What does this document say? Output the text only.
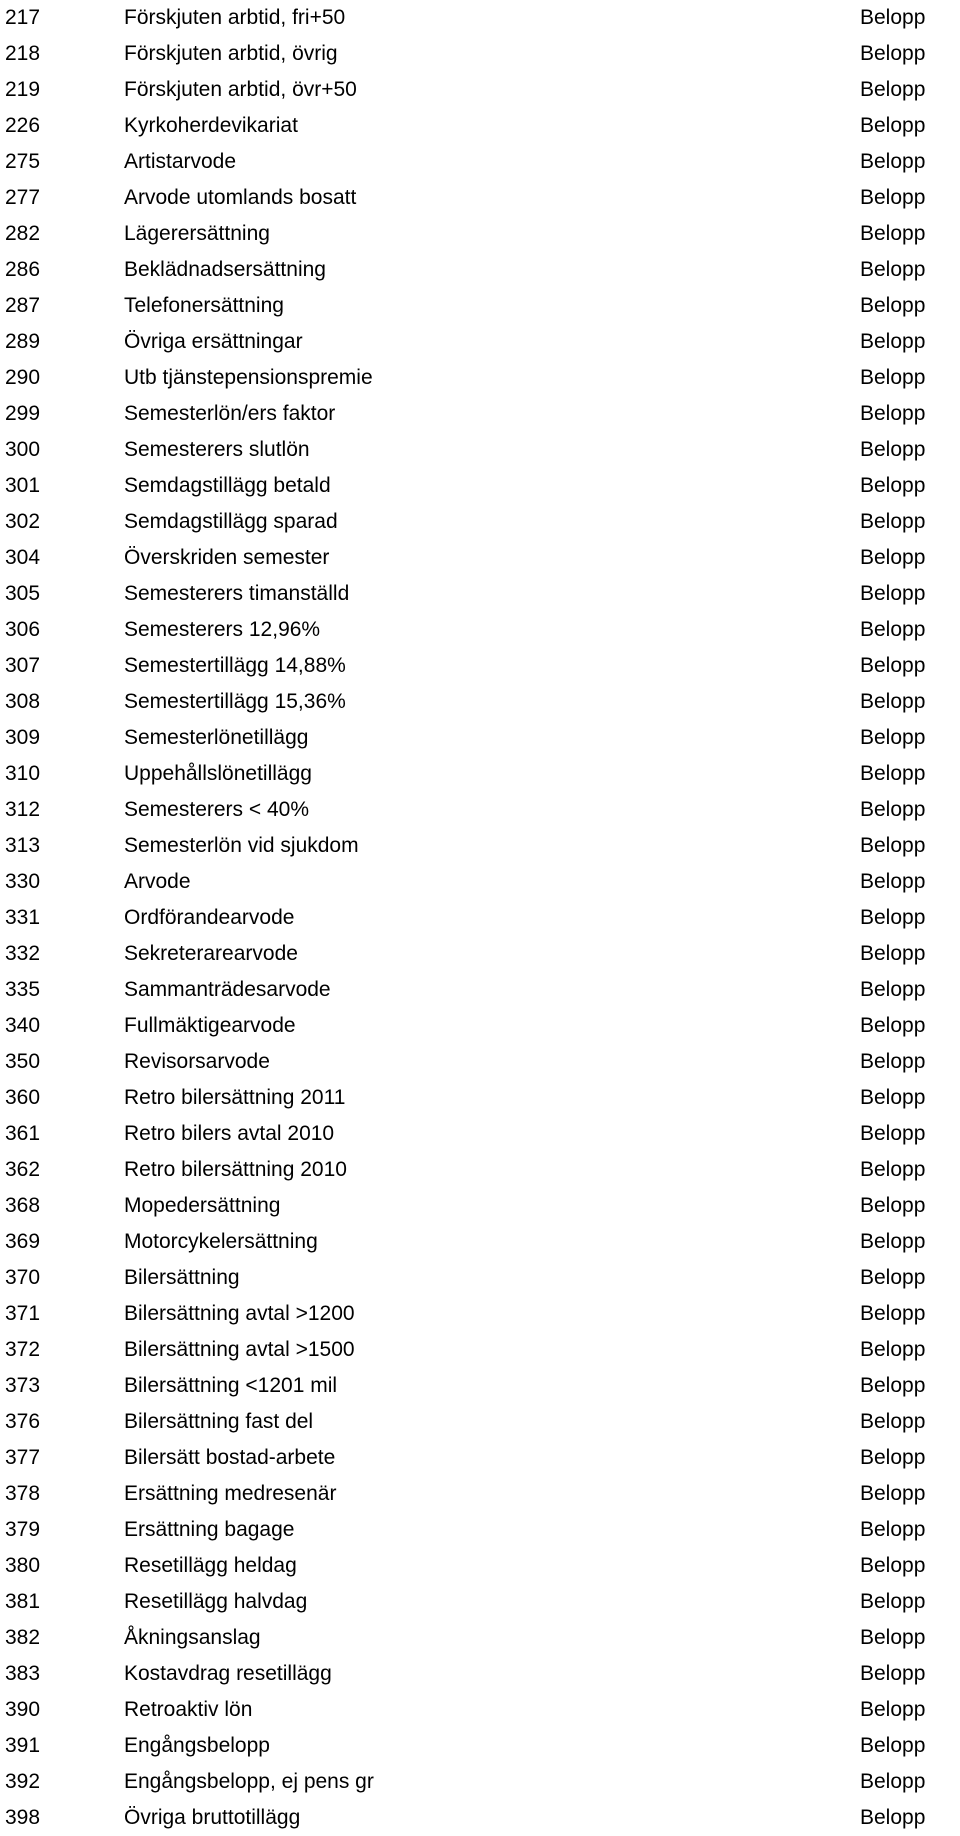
217	Förskjuten arbtid, fri+50	Belopp
218	Förskjuten arbtid, övrig	Belopp
219	Förskjuten arbtid, övr+50	Belopp
226	Kyrkoherdevikariat	Belopp
275	Artistarvode	Belopp
277	Arvode utomlands bosatt	Belopp
282	Lägerersättning	Belopp
286	Beklädnadsersättning	Belopp
287	Telefonersättning	Belopp
289	Övriga ersättningar	Belopp
290	Utb tjänstepensionspremie	Belopp
299	Semesterlön/ers faktor	Belopp
300	Semesterers slutlön	Belopp
301	Semdagstillägg betald	Belopp
302	Semdagstillägg sparad	Belopp
304	Överskriden semester	Belopp
305	Semesterers timanställd	Belopp
306	Semesterers 12,96%	Belopp
307	Semestertillägg 14,88%	Belopp
308	Semestertillägg 15,36%	Belopp
309	Semesterlönetillägg	Belopp
310	Uppehållslönetillägg	Belopp
312	Semesterers < 40%	Belopp
313	Semesterlön vid sjukdom	Belopp
330	Arvode	Belopp
331	Ordförandearvode	Belopp
332	Sekreterarearvode	Belopp
335	Sammanträdesarvode	Belopp
340	Fullmäktigearvode	Belopp
350	Revisorsarvode	Belopp
360	Retro bilersättning 2011	Belopp
361	Retro bilers avtal 2010	Belopp
362	Retro bilersättning 2010	Belopp
368	Mopedersättning	Belopp
369	Motorcykelersättning	Belopp
370	Bilersättning	Belopp
371	Bilersättning avtal >1200	Belopp
372	Bilersättning avtal >1500	Belopp
373	Bilersättning <1201 mil	Belopp
376	Bilersättning fast del	Belopp
377	Bilersätt bostad-arbete	Belopp
378	Ersättning medresenär	Belopp
379	Ersättning bagage	Belopp
380	Resetillägg heldag	Belopp
381	Resetillägg halvdag	Belopp
382	Åkningsanslag	Belopp
383	Kostavdrag resetillägg	Belopp
390	Retroaktiv lön	Belopp
391	Engångsbelopp	Belopp
392	Engångsbelopp, ej pens gr	Belopp
398	Övriga bruttotillägg	Belopp
